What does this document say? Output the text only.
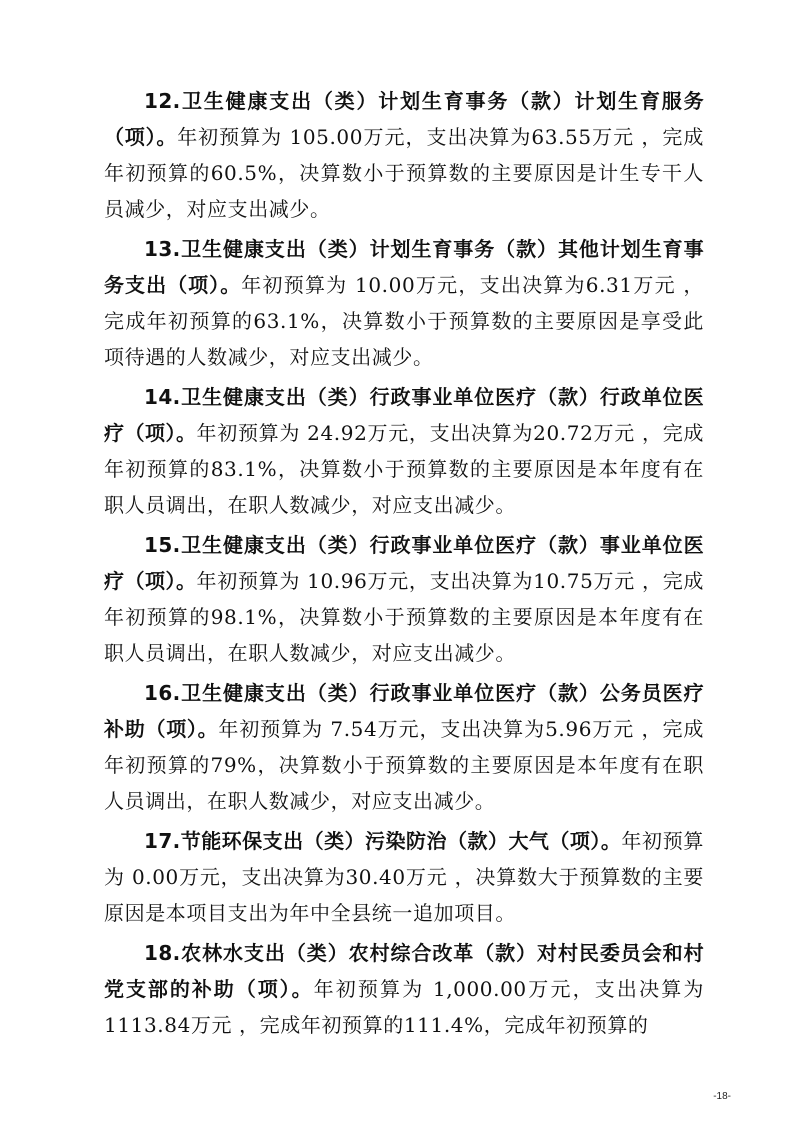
12.卫生健康支出（类）计划生育事务（款）计划生育服务（项）。年初预算为 105.00万元，支出决算为63.55万元 ，完成年初预算的60.5%，决算数小于预算数的主要原因是计生专干人员减少，对应支出减少。

13.卫生健康支出（类）计划生育事务（款）其他计划生育事务支出（项）。年初预算为 10.00万元，支出决算为6.31万元 ，完成年初预算的63.1%，决算数小于预算数的主要原因是享受此项待遇的人数减少，对应支出减少。

14.卫生健康支出（类）行政事业单位医疗（款）行政单位医疗（项）。年初预算为 24.92万元，支出决算为20.72万元 ，完成年初预算的83.1%，决算数小于预算数的主要原因是本年度有在职人员调出，在职人数减少，对应支出减少。

15.卫生健康支出（类）行政事业单位医疗（款）事业单位医疗（项）。年初预算为 10.96万元，支出决算为10.75万元 ，完成年初预算的98.1%，决算数小于预算数的主要原因是本年度有在职人员调出，在职人数减少，对应支出减少。

16.卫生健康支出（类）行政事业单位医疗（款）公务员医疗补助（项）。年初预算为 7.54万元，支出决算为5.96万元 ，完成年初预算的79%，决算数小于预算数的主要原因是本年度有在职人员调出，在职人数减少，对应支出减少。

17.节能环保支出（类）污染防治（款）大气（项）。年初预算为 0.00万元，支出决算为30.40万元 ，决算数大于预算数的主要原因是本项目支出为年中全县统一追加项目。

18.农林水支出（类）农村综合改革（款）对村民委员会和村党支部的补助（项）。年初预算为 1,000.00万元，支出决算为1113.84万元 ，完成年初预算的111.4%，完成年初预算的

-18-
